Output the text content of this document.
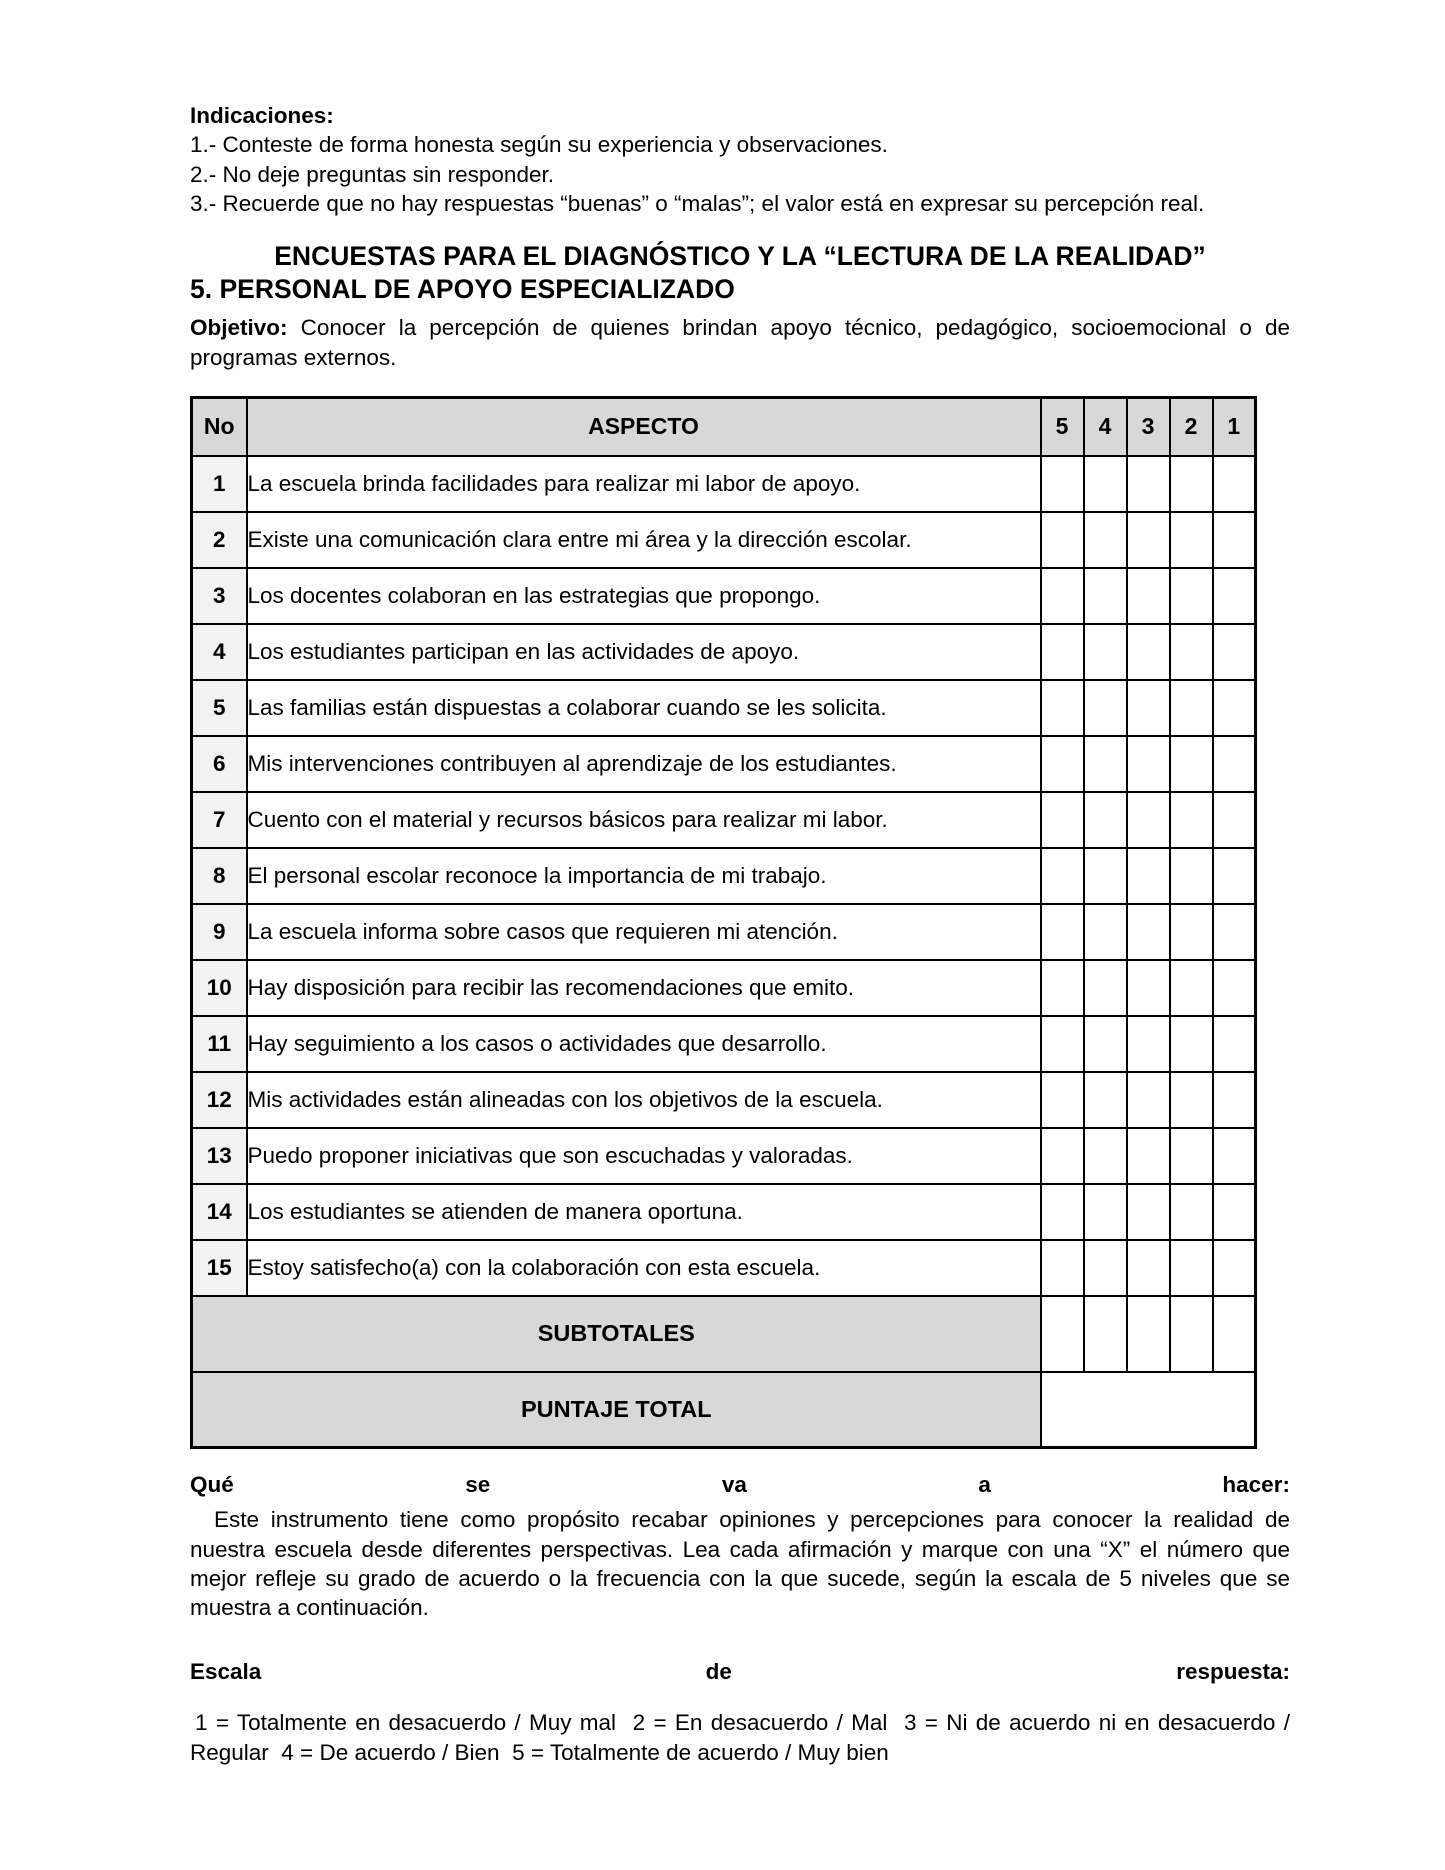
Indicaciones:
1.- Conteste de forma honesta según su experiencia y observaciones.
2.- No deje preguntas sin responder.
3.- Recuerde que no hay respuestas “buenas” o “malas”; el valor está en expresar su percepción real.
ENCUESTAS PARA EL DIAGNÓSTICO Y LA “LECTURA DE LA REALIDAD”
5. PERSONAL DE APOYO ESPECIALIZADO

Objetivo: Conocer la percepción de quienes brindan apoyo técnico, pedagógico, socioemocional o de programas externos.

No	ASPECTO	5	4	3	2	1
1	La escuela brinda facilidades para realizar mi labor de apoyo.					
2	Existe una comunicación clara entre mi área y la dirección escolar.					
3	Los docentes colaboran en las estrategias que propongo.					
4	Los estudiantes participan en las actividades de apoyo.					
5	Las familias están dispuestas a colaborar cuando se les solicita.					
6	Mis intervenciones contribuyen al aprendizaje de los estudiantes.					
7	Cuento con el material y recursos básicos para realizar mi labor.					
8	El personal escolar reconoce la importancia de mi trabajo.					
9	La escuela informa sobre casos que requieren mi atención.					
10	Hay disposición para recibir las recomendaciones que emito.					
11	Hay seguimiento a los casos o actividades que desarrollo.					
12	Mis actividades están alineadas con los objetivos de la escuela.					
13	Puedo proponer iniciativas que son escuchadas y valoradas.					
14	Los estudiantes se atienden de manera oportuna.					
15	Estoy satisfecho(a) con la colaboración con esta escuela.					
SUBTOTALES						
PUNTAJE TOTAL						
Qué	se	va	a	hacer:

Este instrumento tiene como propósito recabar opiniones y percepciones para conocer la realidad de nuestra escuela desde diferentes perspectivas. Lea cada afirmación y marque con una “X” el número que mejor refleje su grado de acuerdo o la frecuencia con la que sucede, según la escala de 5 niveles que se muestra a continuación.

Escala	de	respuesta:

1 = Totalmente en desacuerdo / Muy mal  2 = En desacuerdo / Mal  3 = Ni de acuerdo ni en desacuerdo / Regular  4 = De acuerdo / Bien  5 = Totalmente de acuerdo / Muy bien
